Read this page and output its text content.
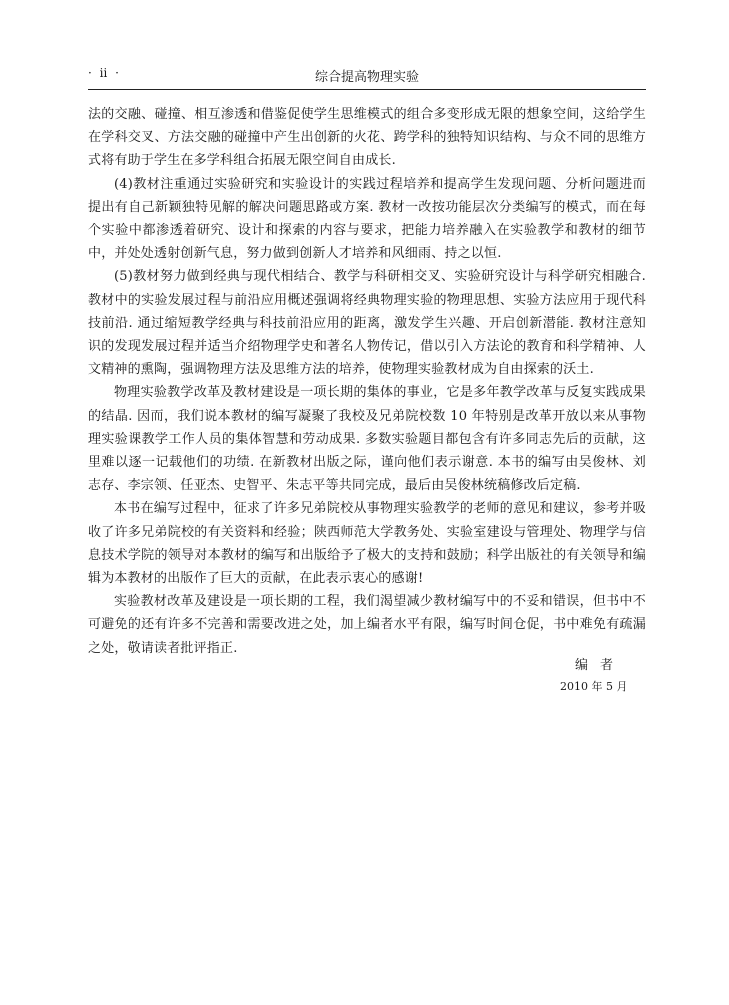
· ⅱ ·	综合提高物理实验

法的交融、碰撞、相互渗透和借鉴促使学生思维模式的组合多变形成无限的想象空间，这给学生在学科交叉、方法交融的碰撞中产生出创新的火花、跨学科的独特知识结构、与众不同的思维方式将有助于学生在多学科组合拓展无限空间自由成长.

(4)教材注重通过实验研究和实验设计的实践过程培养和提高学生发现问题、分析问题进而提出有自己新颖独特见解的解决问题思路或方案. 教材一改按功能层次分类编写的模式，而在每个实验中都渗透着研究、设计和探索的内容与要求，把能力培养融入在实验教学和教材的细节中，并处处透射创新气息，努力做到创新人才培养和风细雨、持之以恒.

(5)教材努力做到经典与现代相结合、教学与科研相交叉、实验研究设计与科学研究相融合. 教材中的实验发展过程与前沿应用概述强调将经典物理实验的物理思想、实验方法应用于现代科技前沿. 通过缩短教学经典与科技前沿应用的距离，激发学生兴趣、开启创新潜能. 教材注意知识的发现发展过程并适当介绍物理学史和著名人物传记，借以引入方法论的教育和科学精神、人文精神的熏陶，强调物理方法及思维方法的培养，使物理实验教材成为自由探索的沃土.

物理实验教学改革及教材建设是一项长期的集体的事业，它是多年教学改革与反复实践成果的结晶. 因而，我们说本教材的编写凝聚了我校及兄弟院校数 10 年特别是改革开放以来从事物理实验课教学工作人员的集体智慧和劳动成果. 多数实验题目都包含有许多同志先后的贡献，这里难以逐一记载他们的功绩. 在新教材出版之际，谨向他们表示谢意. 本书的编写由吴俊林、刘志存、李宗领、任亚杰、史智平、朱志平等共同完成，最后由吴俊林统稿修改后定稿.

本书在编写过程中，征求了许多兄弟院校从事物理实验教学的老师的意见和建议，参考并吸收了许多兄弟院校的有关资料和经验；陕西师范大学教务处、实验室建设与管理处、物理学与信息技术学院的领导对本教材的编写和出版给予了极大的支持和鼓励；科学出版社的有关领导和编辑为本教材的出版作了巨大的贡献，在此表示衷心的感谢!

实验教材改革及建设是一项长期的工程，我们渴望减少教材编写中的不妥和错误，但书中不可避免的还有许多不完善和需要改进之处，加上编者水平有限，编写时间仓促，书中难免有疏漏之处，敬请读者批评指正.

编者
2010 年 5 月
